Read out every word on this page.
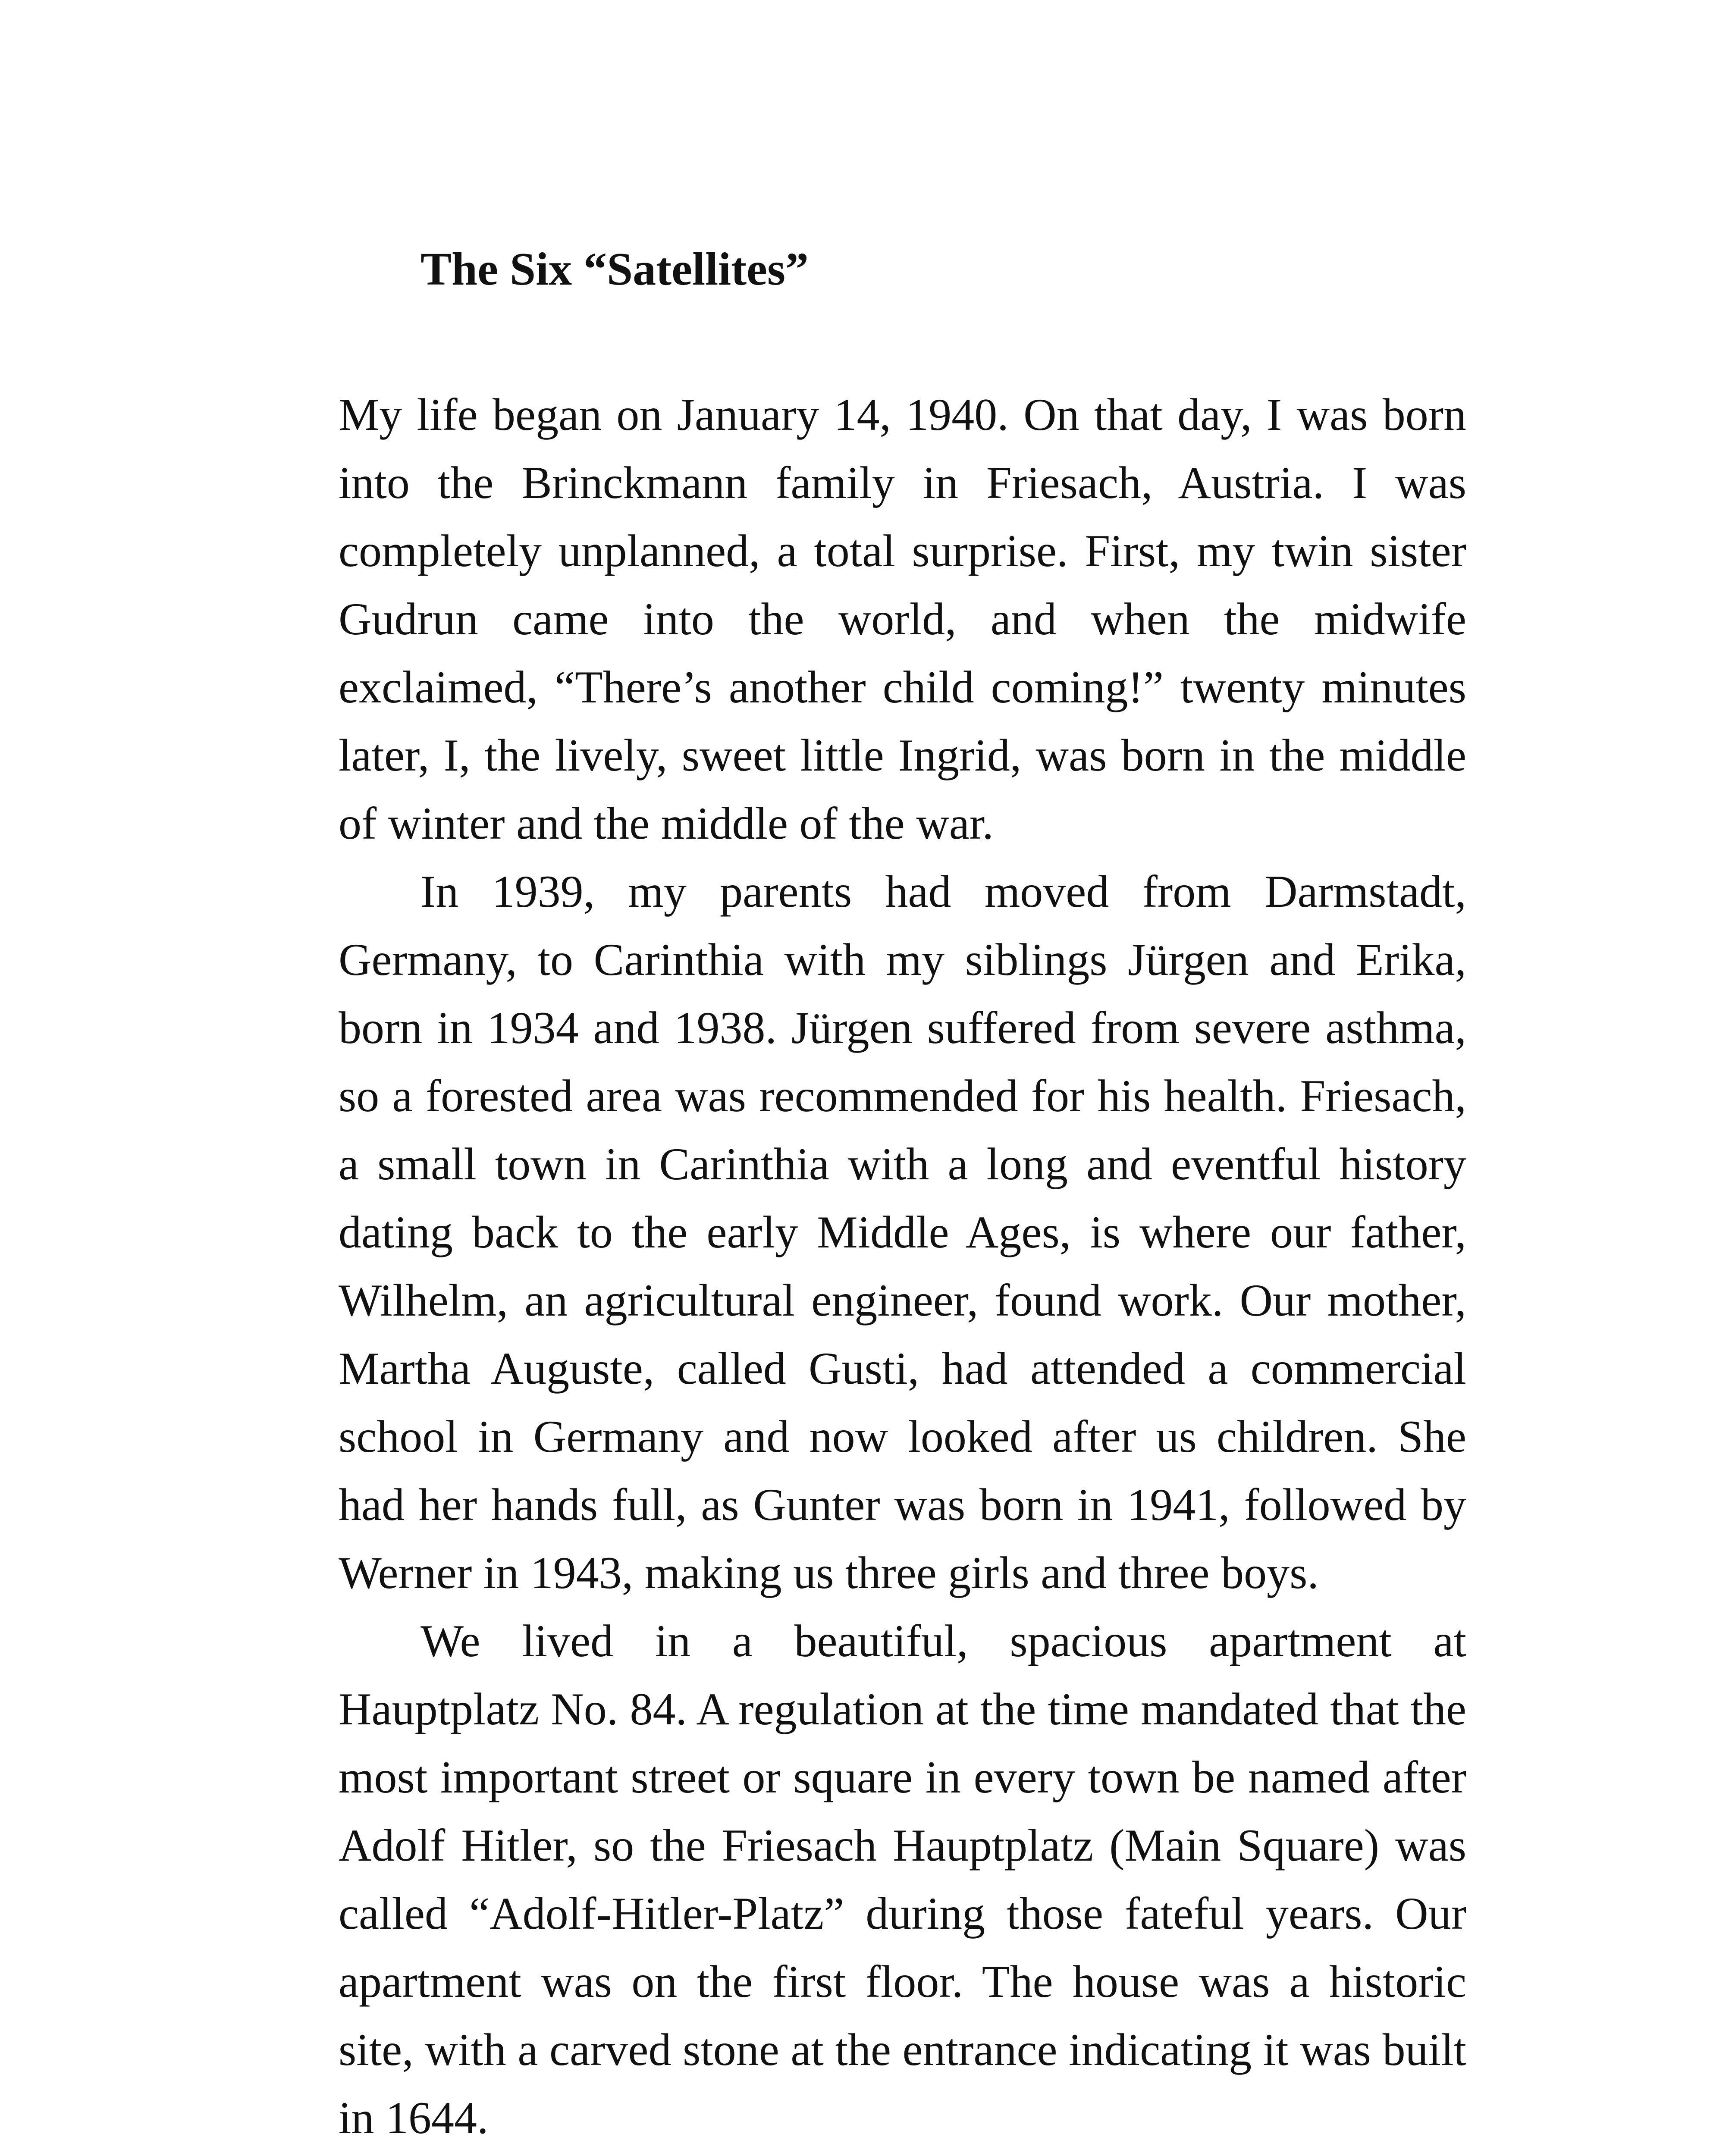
The Six “Satellites”

My life began on January 14, 1940. On that day, I was born into the Brinckmann family in Friesach, Austria. I was completely unplanned, a total surprise. First, my twin sister Gudrun came into the world, and when the midwife exclaimed, “There’s another child coming!” twenty minutes later, I, the lively, sweet little Ingrid, was born in the middle of winter and the middle of the war.

In 1939, my parents had moved from Darmstadt, Germany, to Carinthia with my siblings Jürgen and Erika, born in 1934 and 1938. Jürgen suffered from severe asthma, so a forested area was recommended for his health. Friesach, a small town in Carinthia with a long and eventful history dating back to the early Middle Ages, is where our father, Wilhelm, an agricultural engineer, found work. Our mother, Martha Auguste, called Gusti, had attended a commercial school in Germany and now looked after us children. She had her hands full, as Gunter was born in 1941, followed by Werner in 1943, making us three girls and three boys.

We lived in a beautiful, spacious apartment at Hauptplatz No. 84. A regulation at the time mandated that the most important street or square in every town be named after Adolf Hitler, so the Friesach Hauptplatz (Main Square) was called “Adolf-Hitler-Platz” during those fateful years. Our apartment was on the first floor. The house was a historic site, with a carved stone at the entrance indicating it was built in 1644.
